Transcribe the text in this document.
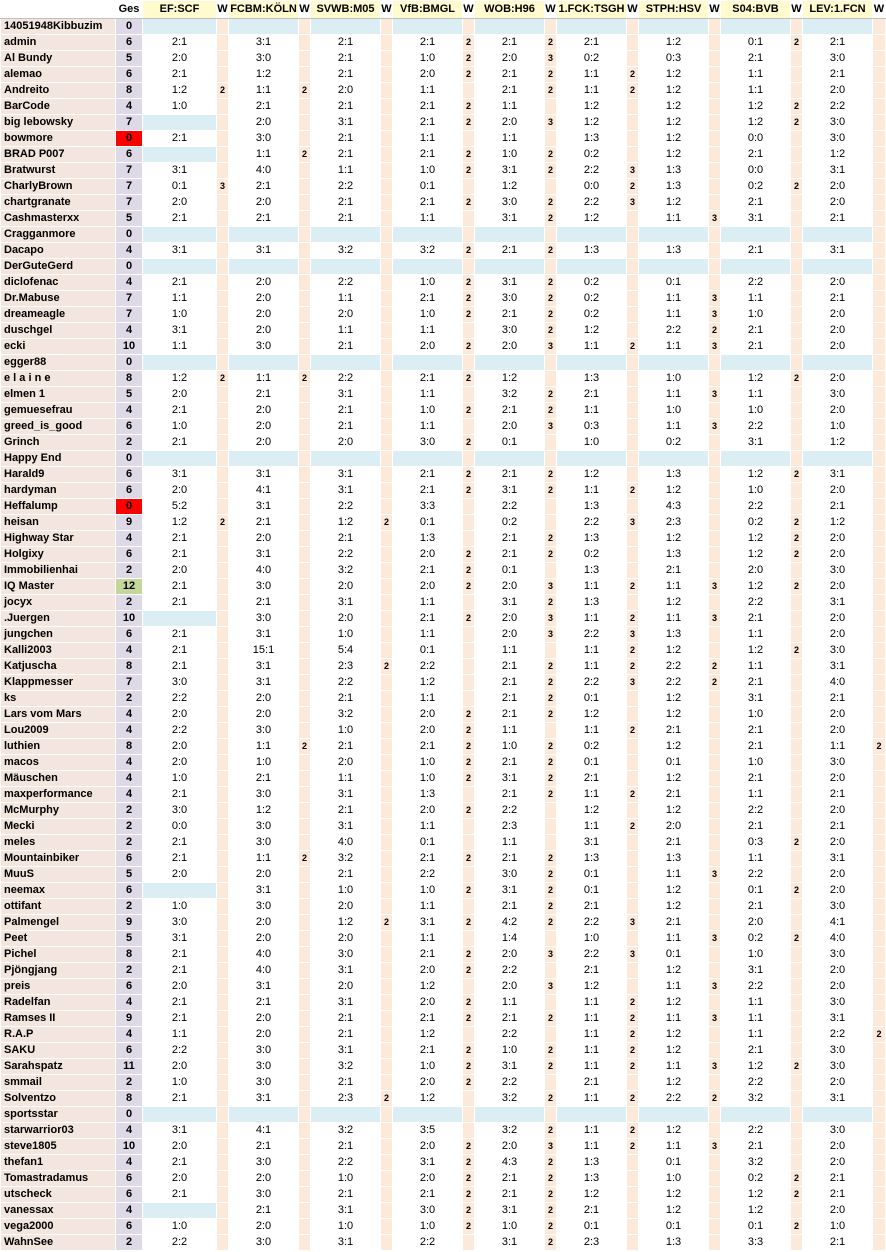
	Ges	EF:SCF	W	FCBM:KÖLN	W	SVWB:M05	W	VfB:BMGL	W	WOB:H96	W	1.FCK:TSGH	W	STPH:HSV	W	S04:BVB	W	LEV:1.FCN	W
14051948Kibbuzim	0																		
admin	6	2:1		3:1		2:1		2:1	2	2:1	2	2:1		1:2		0:1	2	2:1	
Al Bundy	5	2:0		3:0		2:1		1:0	2	2:0	3	0:2		0:3		2:1		3:0	
alemao	6	2:1		1:2		2:1		2:0	2	2:1	2	1:1	2	1:2		1:1		2:1	
Andreito	8	1:2	2	1:1	2	2:0		1:1		2:1	2	1:1	2	1:2		1:1		2:0	
BarCode	4	1:0		2:1		2:1		2:1	2	1:1		1:2		1:2		1:2	2	2:2	
big lebowsky	7			2:0		3:1		2:1	2	2:0	3	1:2		1:2		1:2	2	3:0	
bowmore	0	2:1		3:0		2:1		1:1		1:1		1:3		1:2		0:0		3:0	
BRAD P007	6			1:1	2	2:1		2:1	2	1:0	2	0:2		1:2		2:1		1:2	
Bratwurst	7	3:1		4:0		1:1		1:0	2	3:1	2	2:2	3	1:3		0:0		3:1	
CharlyBrown	7	0:1	3	2:1		2:2		0:1		1:2		0:0	2	1:3		0:2	2	2:0	
chartgranate	7	2:0		2:0		2:1		2:1	2	3:0	2	2:2	3	1:2		2:1		2:0	
Cashmasterxx	5	2:1		2:1		2:1		1:1		3:1	2	1:2		1:1	3	3:1		2:1	
Cragganmore	0																		
Dacapo	4	3:1		3:1		3:2		3:2	2	2:1	2	1:3		1:3		2:1		3:1	
DerGuteGerd	0																		
diclofenac	4	2:1		2:0		2:2		1:0	2	3:1	2	0:2		0:1		2:2		2:0	
Dr.Mabuse	7	1:1		2:0		1:1		2:1	2	3:0	2	0:2		1:1	3	1:1		2:1	
dreameagle	7	1:0		2:0		2:0		1:0	2	2:1	2	0:2		1:1	3	1:0		2:0	
duschgel	4	3:1		2:0		1:1		1:1		3:0	2	1:2		2:2	2	2:1		2:0	
ecki	10	1:1		3:0		2:1		2:0	2	2:0	3	1:1	2	1:1	3	2:1		2:0	
egger88	0																		
e l a i n e	8	1:2	2	1:1	2	2:2		2:1	2	1:2		1:3		1:0		1:2	2	2:0	
elmen 1	5	2:0		2:1		3:1		1:1		3:2	2	2:1		1:1	3	1:1		3:0	
gemuesefrau	4	2:1		2:0		2:1		1:0	2	2:1	2	1:1		1:0		1:0		2:0	
greed_is_good	6	1:0		2:0		2:1		1:1		2:0	3	0:3		1:1	3	2:2		1:0	
Grinch	2	2:1		2:0		2:0		3:0	2	0:1		1:0		0:2		3:1		1:2	
Happy End	0																		
Harald9	6	3:1		3:1		3:1		2:1	2	2:1	2	1:2		1:3		1:2	2	3:1	
hardyman	6	2:0		4:1		3:1		2:1	2	3:1	2	1:1	2	1:2		1:0		2:0	
Heffalump	0	5:2		3:1		2:2		3:3		2:2		1:3		4:3		2:2		2:1	
heisan	9	1:2	2	2:1		1:2	2	0:1		0:2		2:2	3	2:3		0:2	2	1:2	
Highway Star	4	2:1		2:0		2:1		1:3		2:1	2	1:3		1:2		1:2	2	2:0	
Holgixy	6	2:1		3:1		2:2		2:0	2	2:1	2	0:2		1:3		1:2	2	2:0	
Immobilienhai	2	2:0		4:0		3:2		2:1	2	0:1		1:3		2:1		2:0		3:0	
IQ Master	12	2:1		3:0		2:0		2:0	2	2:0	3	1:1	2	1:1	3	1:2	2	2:0	
jocyx	2	2:1		2:1		3:1		1:1		3:1	2	1:3		1:2		2:2		3:1	
.Juergen	10			3:0		2:0		2:1	2	2:0	3	1:1	2	1:1	3	2:1		2:0	
jungchen	6	2:1		3:1		1:0		1:1		2:0	3	2:2	3	1:3		1:1		2:0	
Kalli2003	4	2:1		15:1		5:4		0:1		1:1		1:1	2	1:2		1:2	2	3:0	
Katjuscha	8	2:1		3:1		2:3	2	2:2		2:1	2	1:1	2	2:2	2	1:1		3:1	
Klappmesser	7	3:0		3:1		2:2		1:2		2:1	2	2:2	3	2:2	2	2:1		4:0	
ks	2	2:2		2:0		2:1		1:1		2:1	2	0:1		1:2		3:1		2:1	
Lars vom Mars	4	2:0		2:0		3:2		2:0	2	2:1	2	1:2		1:2		1:0		2:0	
Lou2009	4	2:2		3:0		1:0		2:0	2	1:1		1:1	2	2:1		2:1		2:0	
luthien	8	2:0		1:1	2	2:1		2:1	2	1:0	2	0:2		1:2		2:1		1:1	2
macos	4	2:0		1:0		2:0		1:0	2	2:1	2	0:1		0:1		1:0		3:0	
Mäuschen	4	1:0		2:1		1:1		1:0	2	3:1	2	2:1		1:2		2:1		2:0	
maxperformance	4	2:1		3:0		3:1		1:3		2:1	2	1:1	2	2:1		1:1		2:1	
McMurphy	2	3:0		1:2		2:1		2:0	2	2:2		1:2		1:2		2:2		2:0	
Mecki	2	0:0		3:0		3:1		1:1		2:3		1:1	2	2:0		2:1		2:1	
meles	2	2:1		3:0		4:0		0:1		1:1		3:1		2:1		0:3	2	2:0	
Mountainbiker	6	2:1		1:1	2	3:2		2:1	2	2:1	2	1:3		1:3		1:1		3:1	
MuuS	5	2:0		2:0		2:1		2:2		3:0	2	0:1		1:1	3	2:2		2:0	
neemax	6			3:1		1:0		1:0	2	3:1	2	0:1		1:2		0:1	2	2:0	
ottifant	2	1:0		3:0		2:0		1:1		2:1	2	2:1		1:2		2:1		3:0	
Palmengel	9	3:0		2:0		1:2	2	3:1	2	4:2	2	2:2	3	2:1		2:0		4:1	
Peet	5	3:1		2:0		2:0		1:1		1:4		1:0		1:1	3	0:2	2	4:0	
Pichel	8	2:1		4:0		3:0		2:1	2	2:0	3	2:2	3	0:1		1:0		3:0	
Pjöngjang	2	2:1		4:0		3:1		2:0	2	2:2		2:1		1:2		3:1		2:0	
preis	6	2:0		3:1		2:0		1:2		2:0	3	1:2		1:1	3	2:2		2:0	
Radelfan	4	2:1		2:1		3:1		2:0	2	1:1		1:1	2	1:2		1:1		3:0	
Ramses II	9	2:1		2:0		2:1		2:1	2	2:1	2	1:1	2	1:1	3	1:1		3:1	
R.A.P	4	1:1		2:0		2:1		1:2		2:2		1:1	2	1:2		1:1		2:2	2
SAKU	6	2:2		3:0		3:1		2:1	2	1:0	2	1:1	2	1:2		2:1		3:0	
Sarahspatz	11	2:0		3:0		3:2		1:0	2	3:1	2	1:1	2	1:1	3	1:2	2	3:0	
smmail	2	1:0		3:0		2:1		2:0	2	2:2		2:1		1:2		2:2		2:0	
Solventzo	8	2:1		3:1		2:3	2	1:2		3:2	2	1:1	2	2:2	2	3:2		3:1	
sportsstar	0																		
starwarrior03	4	3:1		4:1		3:2		3:5		3:2	2	1:1	2	1:2		2:2		3:0	
steve1805	10	2:0		2:1		2:1		2:0	2	2:0	3	1:1	2	1:1	3	2:1		2:0	
thefan1	4	2:1		3:0		2:2		3:1	2	4:3	2	1:3		0:1		3:2		2:0	
Tomastradamus	6	2:0		2:0		1:0		2:0	2	2:1	2	1:3		1:0		0:2	2	2:1	
utscheck	6	2:1		3:0		2:1		2:1	2	2:1	2	1:2		1:2		1:2	2	2:1	
vanessax	4			2:1		3:1		3:0	2	3:1	2	2:1		1:2		1:2		2:0	
vega2000	6	1:0		2:0		1:0		1:0	2	1:0	2	0:1		0:1		0:1	2	1:0	
WahnSee	2	2:2		3:0		3:1		2:2		3:1	2	2:3		1:3		3:3		2:1	
